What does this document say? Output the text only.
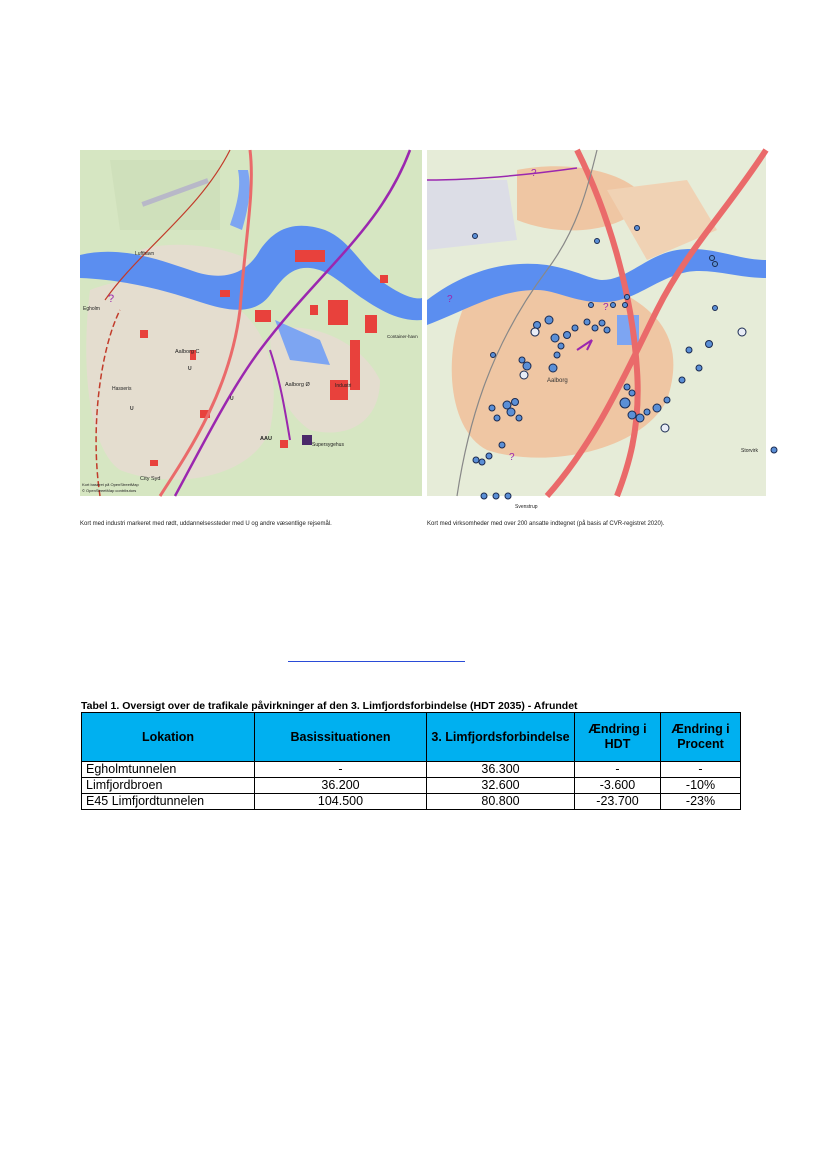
Lufthavn
Egholm
Aalborg C
Hasseris
Aalborg Ø	Industri
Container-havn
AAU
Supersygehus
City Syd
?
U
U
U
Kort baseret på OpenStreetMap
© OpenStreetMap contributors
?
?
?
?
Aalborg
Storvirk
Svenstrup
Kort med industri markeret med rødt, uddannelsessteder med U og andre væsentlige rejsemål.	Kort med virksomheder med over 200 ansatte indtegnet (på basis af CVR-registret 2020).
Tabel 1. Oversigt over de trafikale påvirkninger af den 3. Limfjordsforbindelse (HDT 2035) - Afrundet
Lokation	Basissituationen	3. Limfjordsforbindelse	Ændring i HDT	Ændring i Procent
Egholmtunnelen	-	36.300	-	-
Limfjordbroen	36.200	32.600	-3.600	-10%
E45 Limfjordtunnelen	104.500	80.800	-23.700	-23%
